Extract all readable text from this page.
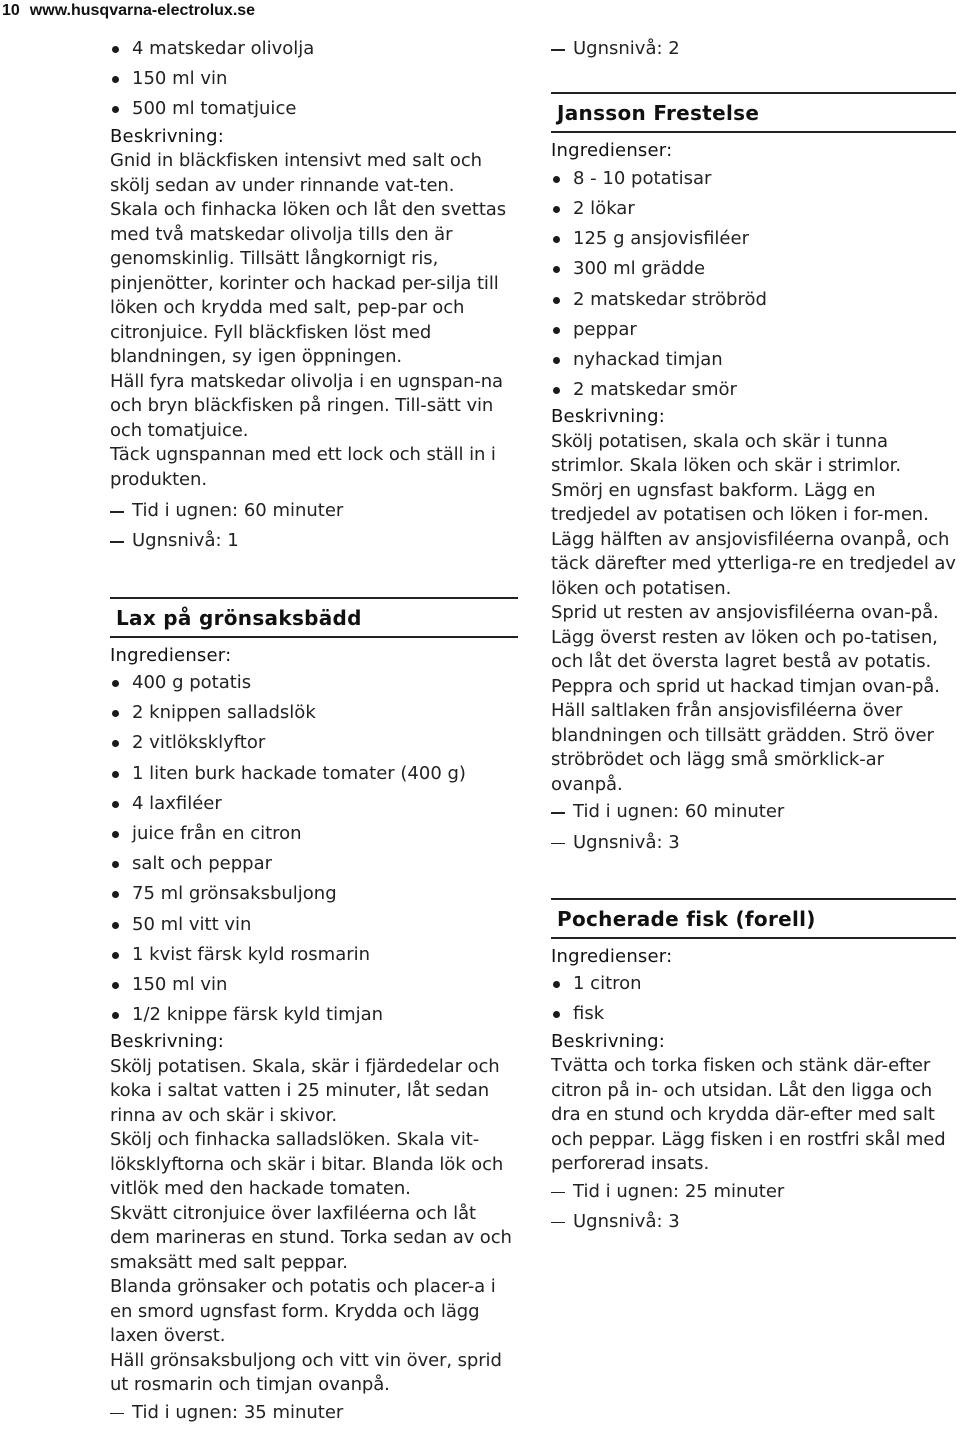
10 www.husqvarna-electrolux.se
4 matskedar olivolja
150 ml vin
500 ml tomatjuice

Beskrivning:

Gnid in bläckfisken intensivt med salt och skölj sedan av under rinnande vat-ten.

Skala och finhacka löken och låt den svettas med två matskedar olivolja tills den är genomskinlig. Tillsätt långkornigt ris, pinjenötter, korinter och hackad per-silja till löken och krydda med salt, pep-par och citronjuice. Fyll bläckfisken löst med blandningen, sy igen öppningen.

Häll fyra matskedar olivolja i en ugnspan-na och bryn bläckfisken på ringen. Till-sätt vin och tomatjuice.

Täck ugnspannan med ett lock och ställ in i produkten.

Tid i ugnen: 60 minuter

Ugnsnivå: 1

Lax på grönsaksbädd

Ingredienser:

400 g potatis
2 knippen salladslök
2 vitlöksklyftor
1 liten burk hackade tomater (400 g)
4 laxfiléer
juice från en citron
salt och peppar
75 ml grönsaksbuljong
50 ml vitt vin
1 kvist färsk kyld rosmarin
150 ml vin
1/2 knippe färsk kyld timjan

Beskrivning:

Skölj potatisen. Skala, skär i fjärdedelar och koka i saltat vatten i 25 minuter, låt sedan rinna av och skär i skivor.

Skölj och finhacka salladslöken. Skala vit-löksklyftorna och skär i bitar. Blanda lök och vitlök med den hackade tomaten.

Skvätt citronjuice över laxfiléerna och låt dem marineras en stund. Torka sedan av och smaksätt med salt peppar.

Blanda grönsaker och potatis och placer-a i en smord ugnsfast form. Krydda och lägg laxen överst.

Häll grönsaksbuljong och vitt vin över, sprid ut rosmarin och timjan ovanpå.

Tid i ugnen: 35 minuter

Ugnsnivå: 2

Jansson Frestelse

Ingredienser:

8 - 10 potatisar
2 lökar
125 g ansjovisfiléer
300 ml grädde
2 matskedar ströbröd
peppar
nyhackad timjan
2 matskedar smör

Beskrivning:

Skölj potatisen, skala och skär i tunna strimlor. Skala löken och skär i strimlor.

Smörj en ugnsfast bakform. Lägg en tredjedel av potatisen och löken i for-men. Lägg hälften av ansjovisfiléerna ovanpå, och täck därefter med ytterliga-re en tredjedel av löken och potatisen.

Sprid ut resten av ansjovisfiléerna ovan-på. Lägg överst resten av löken och po-tatisen, och låt det översta lagret bestå av potatis.

Peppra och sprid ut hackad timjan ovan-på.

Häll saltlaken från ansjovisfiléerna över blandningen och tillsätt grädden. Strö över ströbrödet och lägg små smörklick-ar ovanpå.

Tid i ugnen: 60 minuter

Ugnsnivå: 3

Pocherade fisk (forell)

Ingredienser:

1 citron
fisk

Beskrivning:

Tvätta och torka fisken och stänk där-efter citron på in- och utsidan. Låt den ligga och dra en stund och krydda där-efter med salt och peppar. Lägg fisken i en rostfri skål med perforerad insats.

Tid i ugnen: 25 minuter

Ugnsnivå: 3
